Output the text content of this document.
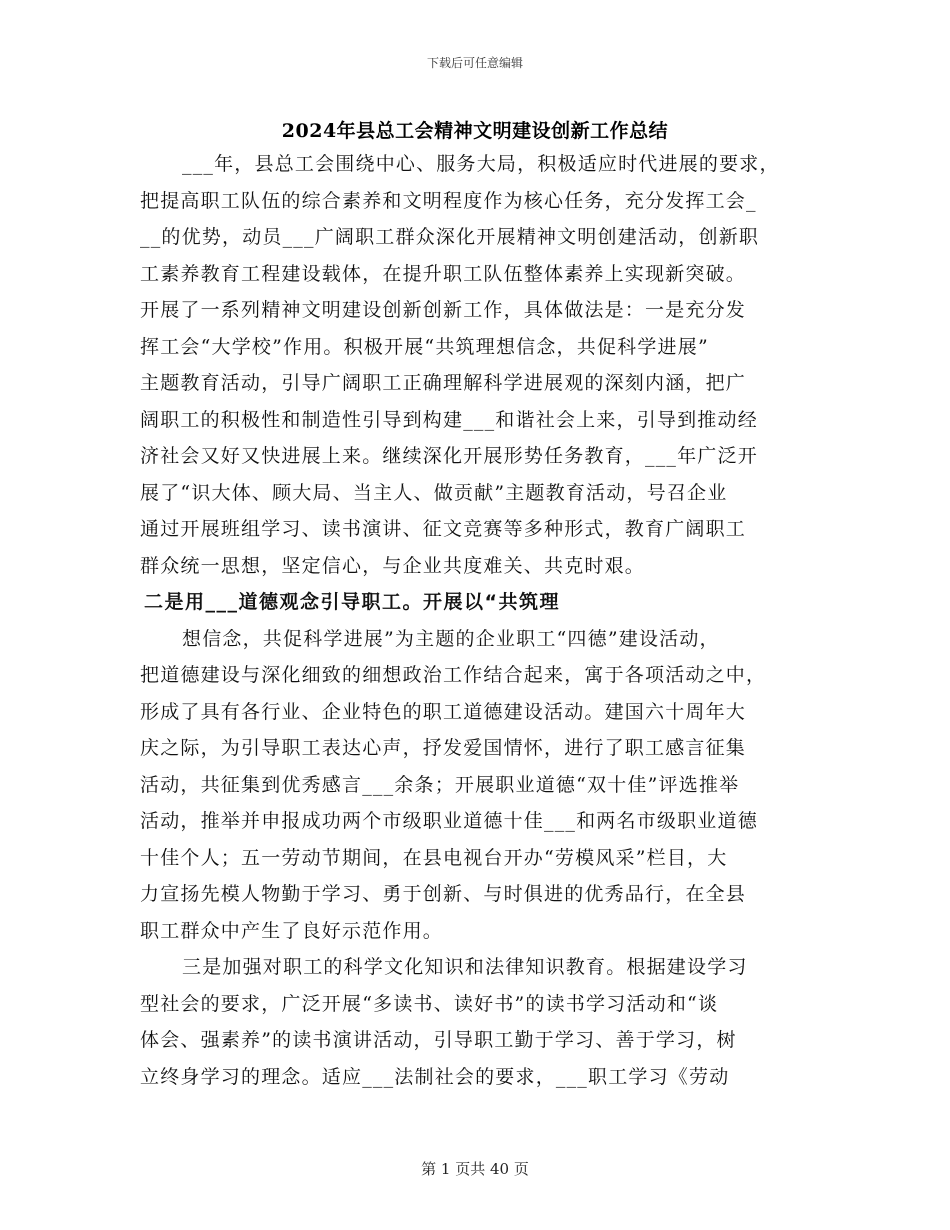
下载后可任意编辑
2024年县总工会精神文明建设创新工作总结
___年，县总工会围绕中心、服务大局，积极适应时代进展的要求，
把提高职工队伍的综合素养和文明程度作为核心任务，充分发挥工会_
__的优势，动员___广阔职工群众深化开展精神文明创建活动，创新职
工素养教育工程建设载体，在提升职工队伍整体素养上实现新突破。
开展了一系列精神文明建设创新创新工作，具体做法是：一是充分发
挥工会“大学校”作用。积极开展“共筑理想信念，共促科学进展”
主题教育活动，引导广阔职工正确理解科学进展观的深刻内涵，把广
阔职工的积极性和制造性引导到构建___和谐社会上来，引导到推动经
济社会又好又快进展上来。继续深化开展形势任务教育，___年广泛开
展了“识大体、顾大局、当主人、做贡献”主题教育活动，号召企业
通过开展班组学习、读书演讲、征文竞赛等多种形式，教育广阔职工
群众统一思想，坚定信心，与企业共度难关、共克时艰。
二是用___道德观念引导职工。开展以“共筑理
想信念，共促科学进展”为主题的企业职工“四德”建设活动，
把道德建设与深化细致的细想政治工作结合起来，寓于各项活动之中，
形成了具有各行业、企业特色的职工道德建设活动。建国六十周年大
庆之际，为引导职工表达心声，抒发爱国情怀，进行了职工感言征集
活动，共征集到优秀感言___余条；开展职业道德“双十佳”评选推举
活动，推举并申报成功两个市级职业道德十佳___和两名市级职业道德
十佳个人；五一劳动节期间，在县电视台开办“劳模风采”栏目，大
力宣扬先模人物勤于学习、勇于创新、与时俱进的优秀品行，在全县
职工群众中产生了良好示范作用。
三是加强对职工的科学文化知识和法律知识教育。根据建设学习
型社会的要求，广泛开展“多读书、读好书”的读书学习活动和“谈
体会、强素养”的读书演讲活动，引导职工勤于学习、善于学习，树
立终身学习的理念。适应___法制社会的要求，___职工学习《劳动
第 1 页共 40 页
